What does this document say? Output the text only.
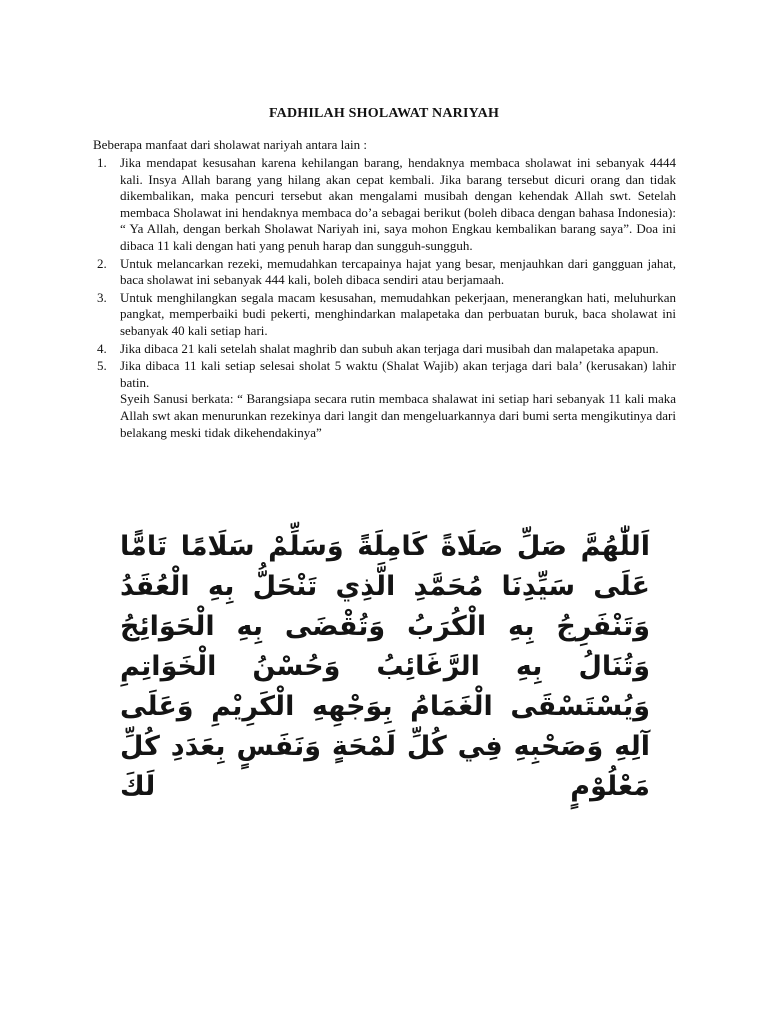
FADHILAH SHOLAWAT NARIYAH
Beberapa manfaat dari sholawat nariyah antara lain :
1. Jika mendapat kesusahan karena kehilangan barang, hendaknya membaca sholawat ini sebanyak 4444 kali. Insya Allah barang yang hilang akan cepat kembali. Jika barang tersebut dicuri orang dan tidak dikembalikan, maka pencuri tersebut akan mengalami musibah dengan kehendak Allah swt. Setelah membaca Sholawat ini hendaknya membaca do’a sebagai berikut (boleh dibaca dengan bahasa Indonesia): “ Ya Allah, dengan berkah Sholawat Nariyah ini, saya mohon Engkau kembalikan barang saya”. Doa ini dibaca 11 kali dengan hati yang penuh harap dan sungguh-sungguh.
2. Untuk melancarkan rezeki, memudahkan tercapainya hajat yang besar, menjauhkan dari gangguan jahat, baca sholawat ini sebanyak 444 kali, boleh dibaca sendiri atau berjamaah.
3. Untuk menghilangkan segala macam kesusahan, memudahkan pekerjaan, menerangkan hati, meluhurkan pangkat, memperbaiki budi pekerti, menghindarkan malapetaka dan perbuatan buruk, baca sholawat ini sebanyak 40 kali setiap hari.
4. Jika dibaca 21 kali setelah shalat maghrib dan subuh akan terjaga dari musibah dan malapetaka apapun.
5. Jika dibaca 11 kali setiap selesai sholat 5 waktu (Shalat Wajib) akan terjaga dari bala’ (kerusakan) lahir batin.
Syeih Sanusi berkata: “ Barangsiapa secara rutin membaca shalawat ini setiap hari sebanyak 11 kali maka Allah swt akan menurunkan rezekinya dari langit dan mengeluarkannya dari bumi serta mengikutinya dari belakang meski tidak dikehendakinya”
اَللّٰهُمَّ صَلِّ صَلَاةً كَامِلَةً وَسَلِّمْ سَلَامًا تَامًّا عَلَى سَيِّدِنَا مُحَمَّدِ الَّذِي تَنْحَلُّ بِهِ الْعُقَدُ وَتَنْفَرِجُ بِهِ الْكُرَبُ وَتُقْضَى بِهِ الْحَوَائِجُ وَتُنَالُ بِهِ الرَّغَائِبُ وَحُسْنُ الْخَوَاتِمِ وَيُسْتَسْقَى الْغَمَامُ بِوَجْهِهِ الْكَرِيْمِ وَعَلَى آلِهِ وَصَحْبِهِ فِي كُلِّ لَمْحَةٍ وَنَفَسٍ بِعَدَدِ كُلِّ مَعْلُوْمٍ لَكَ
